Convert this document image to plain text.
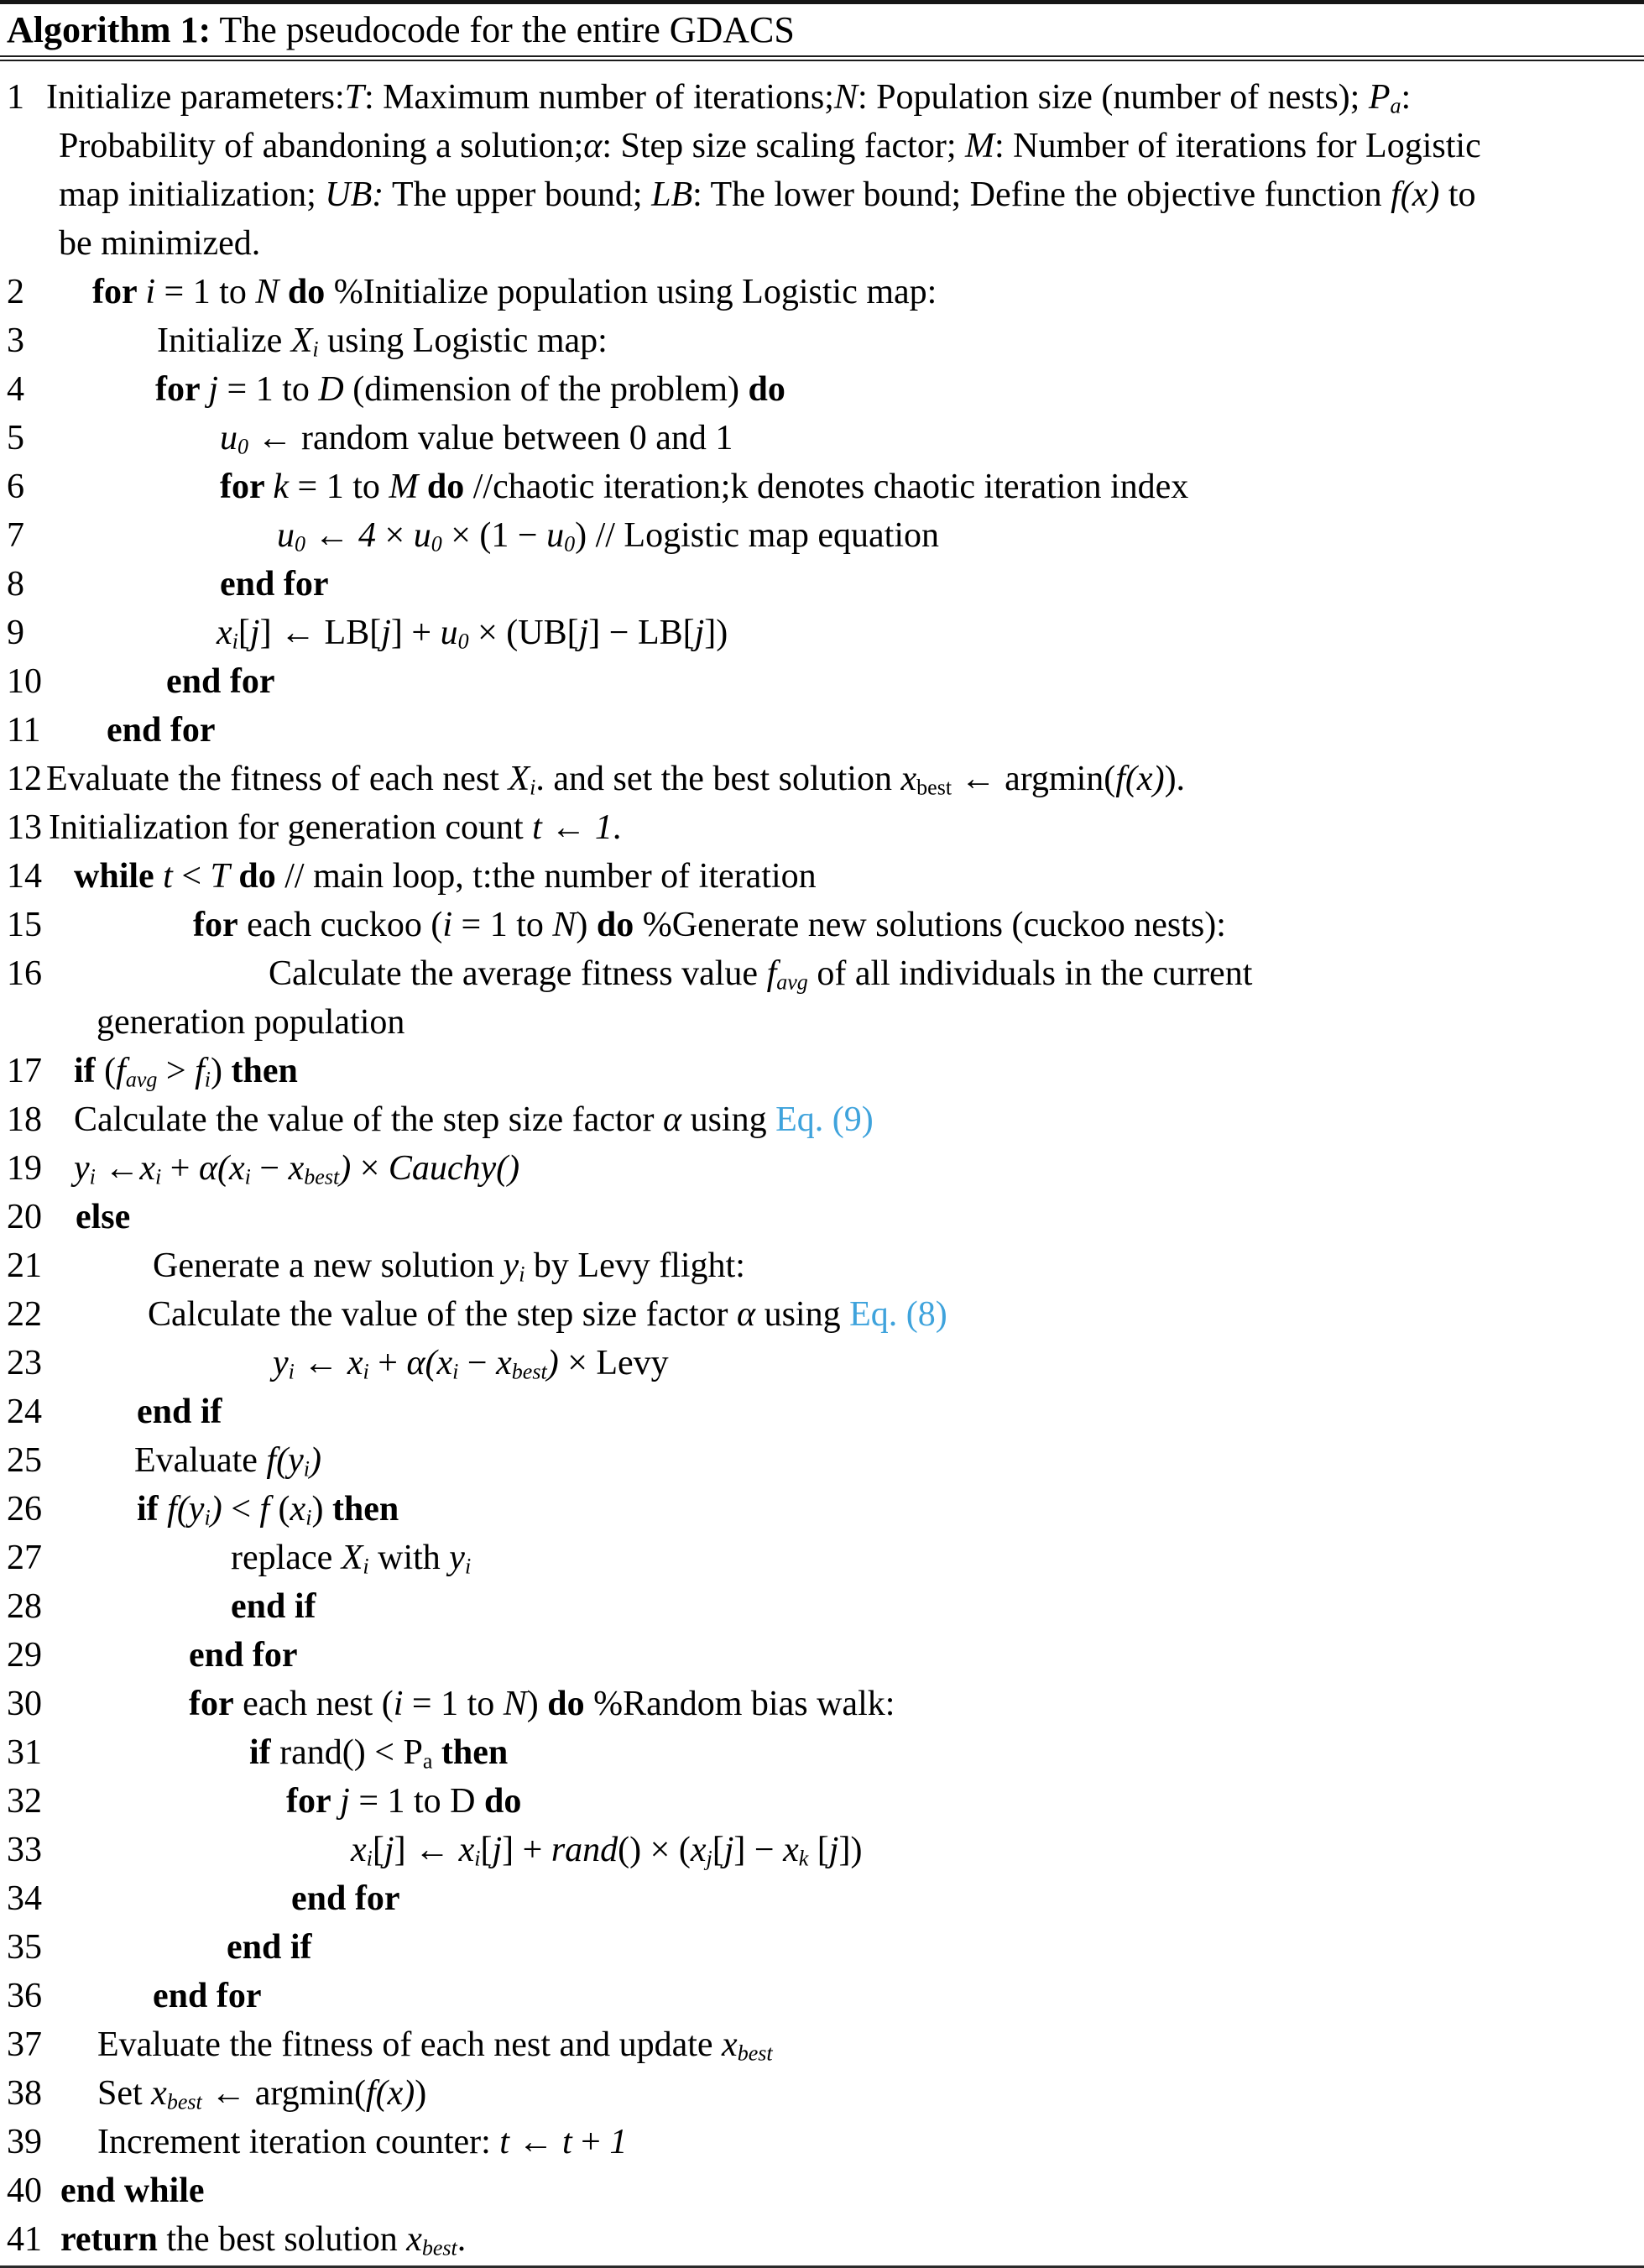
Algorithm 1: The pseudocode for the entire GDACS
1 Initialize parameters:T: Maximum number of iterations;N: Population size (number of nests); Pa:
Probability of abandoning a solution;α: Step size scaling factor; M: Number of iterations for Logistic
map initialization; UB: The upper bound; LB: The lower bound; Define the objective function f(x) to
be minimized.
2 for i = 1 to N do %Initialize population using Logistic map:
3	Initialize Xi using Logistic map:
4	for j = 1 to D (dimension of the problem) do
5	u0 ← random value between 0 and 1
6	for k = 1 to M do //chaotic iteration;k denotes chaotic iteration index
7	u0 ← 4 × u0 × (1 − u0) // Logistic map equation
8	end for
9	xi[j] ← LB[j] + u0 × (UB[j] − LB[j])
10	end for
11 end for
12 Evaluate the fitness of each nest Xi. and set the best solution xbest ← argmin(f(x)).
13 Initialization for generation count t ← 1.
14 while t < T do // main loop, t:the number of iteration
15	for each cuckoo (i = 1 to N) do %Generate new solutions (cuckoo nests):
16	Calculate the average fitness value favg of all individuals in the current
generation population
17 if (favg > fi) then
18 Calculate the value of the step size factor α using Eq. (9)
19 yi ←xi + α(xi − xbest) × Cauchy()
20 else
21	Generate a new solution yi by Levy flight:
22	Calculate the value of the step size factor α using Eq. (8)
23	yi ← xi + α(xi − xbest) × Levy
24	end if
25	Evaluate f(yi)
26	if f(yi) < f (xi) then
27	replace Xi with yi
28	end if
29	end for
30	for each nest (i = 1 to N) do %Random bias walk:
31	if rand() < Pa then
32	for j = 1 to D do
33	xi[j] ← xi[j] + rand() × (xj[j] − xk [j])
34	end for
35	end if
36	end for
37 Evaluate the fitness of each nest and update xbest
38 Set xbest ← argmin(f(x))
39 Increment iteration counter: t ← t + 1
40 end while
41 return the best solution xbest.
